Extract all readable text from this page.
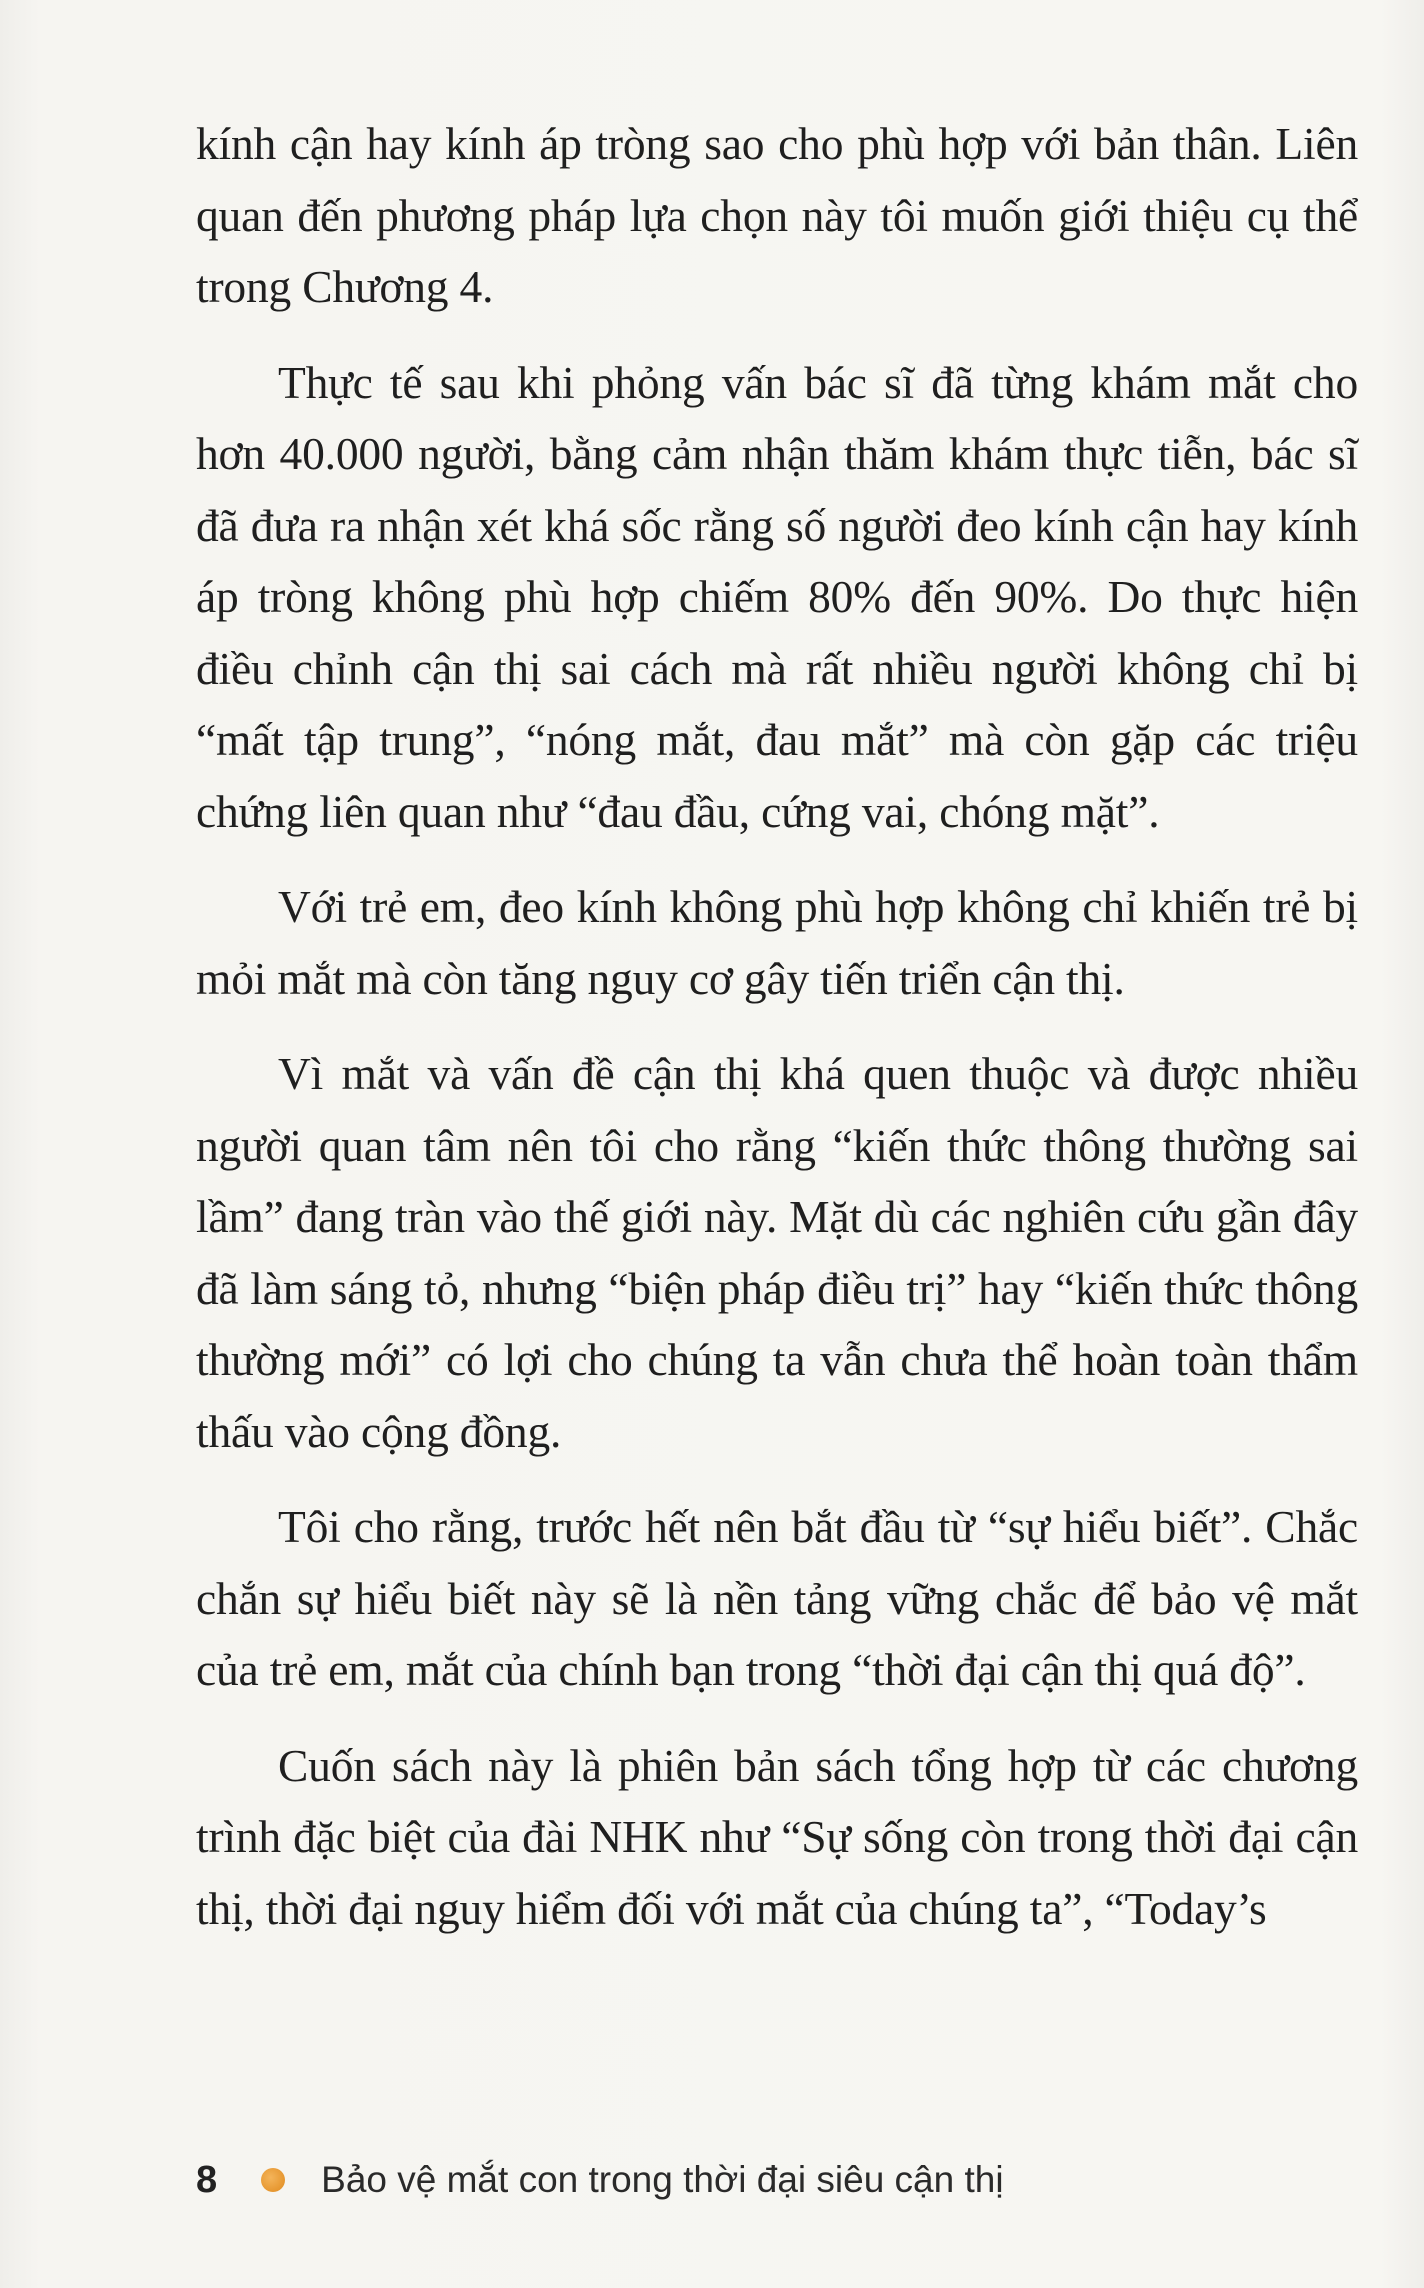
kính cận hay kính áp tròng sao cho phù hợp với bản thân. Liên quan đến phương pháp lựa chọn này tôi muốn giới thiệu cụ thể trong Chương 4.

Thực tế sau khi phỏng vấn bác sĩ đã từng khám mắt cho hơn 40.000 người, bằng cảm nhận thăm khám thực tiễn, bác sĩ đã đưa ra nhận xét khá sốc rằng số người đeo kính cận hay kính áp tròng không phù hợp chiếm 80% đến 90%. Do thực hiện điều chỉnh cận thị sai cách mà rất nhiều người không chỉ bị “mất tập trung”, “nóng mắt, đau mắt” mà còn gặp các triệu chứng liên quan như “đau đầu, cứng vai, chóng mặt”.

Với trẻ em, đeo kính không phù hợp không chỉ khiến trẻ bị mỏi mắt mà còn tăng nguy cơ gây tiến triển cận thị.

Vì mắt và vấn đề cận thị khá quen thuộc và được nhiều người quan tâm nên tôi cho rằng “kiến thức thông thường sai lầm” đang tràn vào thế giới này. Mặt dù các nghiên cứu gần đây đã làm sáng tỏ, nhưng “biện pháp điều trị” hay “kiến thức thông thường mới” có lợi cho chúng ta vẫn chưa thể hoàn toàn thẩm thấu vào cộng đồng.

Tôi cho rằng, trước hết nên bắt đầu từ “sự hiểu biết”. Chắc chắn sự hiểu biết này sẽ là nền tảng vững chắc để bảo vệ mắt của trẻ em, mắt của chính bạn trong “thời đại cận thị quá độ”.

Cuốn sách này là phiên bản sách tổng hợp từ các chương trình đặc biệt của đài NHK như “Sự sống còn trong thời đại cận thị, thời đại nguy hiểm đối với mắt của chúng ta”, “Today’s

8	Bảo vệ mắt con trong thời đại siêu cận thị
